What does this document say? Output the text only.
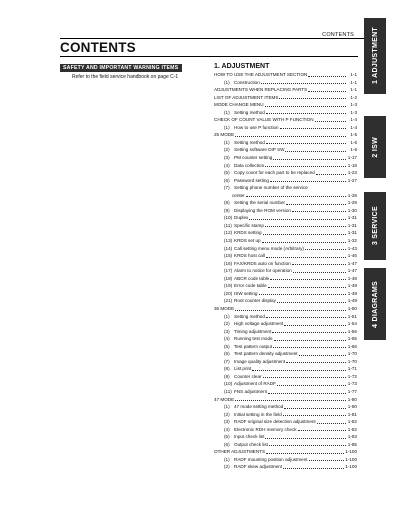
CONTENTS
CONTENTS	1 ADJUSTMENT
2 ISW
3 SERVICE
4 DIAGRAMS
SAFETY AND IMPORTANT WARNING ITEMS
Refer to the field service handbook on page C-1
1. ADJUSTMENT
HOW TO USE THE ADJUSTMENT SECTION	1-1
(1) Construction	1-1
ADJUSTMENTS WHEN REPLACING PARTS	1-1
LIST OF ADJUSTMENT ITEMS	1-2
MODE CHANGE MENU	1-3
(1) Setting method	1-3
CHECK OF COUNT VALUE WITH P FUNCTION	1-4
(1) How to use P function	1-4
25 MODE	1-5
(1) Setting method	1-6
(2) Setting software DIP SW	1-6
(3) PM counter setting	1-17
(4) Data collection	1-18
(5) Copy count for each part to be replaced	1-23
(6) Password setting	1-27
(7) Setting phone number of the service
center	1-28
(8) Setting the serial number	1-29
(9) Displaying the ROM version	1-30
(10) Duplex	1-31
(11) Specific stamp	1-31
(12) KRDS setting	1-31
(13) KRDS set up	1-32
(14) Call setting menu mode (Arbitrary)	1-43
(15) KRDS host call	1-46
(16) FAX/KRDS auto on function	1-47
(17) Alarm to notice for operation	1-47
(18) ABCR code table	1-48
(19) Error code table	1-49
(20) ISW setting	1-49
(21) Root counter display	1-49
36 MODE	1-50
(1) Setting method	1-51
(2) High voltage adjustment	1-54
(3) Timing adjustment	1-56
(4) Running test mode	1-65
(5) Test pattern output	1-66
(6) Test pattern density adjustment	1-70
(7) Image quality adjustment	1-70
(8) List print	1-71
(9) Counter clear	1-72
(10) Adjustment of RADF	1-73
(11) FNS adjustment	1-77
47 MODE	1-80
(1) 47 mode setting method	1-80
(2) Initial setting in the field	1-81
(3) RADF original size detection adjustment	1-82
(4) Electronic RDH memory check	1-82
(5) Input check list	1-83
(6) Output check list	1-85
OTHER ADJUSTMENTS	1-100
(1) RADF mounting position adjustment	1-100
(2) RADF skew adjustment	1-100
